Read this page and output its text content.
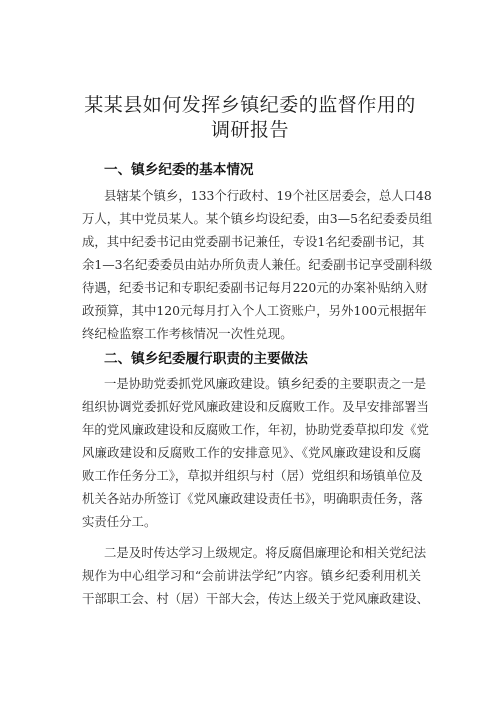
某某县如何发挥乡镇纪委的监督作用的
调研报告
一、镇乡纪委的基本情况
县辖某个镇乡，133个行政村、19个社区居委会，总人口48
万人，其中党员某人。某个镇乡均设纪委，由3—5名纪委委员组
成，其中纪委书记由党委副书记兼任，专设1名纪委副书记，其
余1—3名纪委委员由站办所负责人兼任。纪委副书记享受副科级
待遇，纪委书记和专职纪委副书记每月220元的办案补贴纳入财
政预算，其中120元每月打入个人工资账户，另外100元根据年
终纪检监察工作考核情况一次性兑现。
二、镇乡纪委履行职责的主要做法
一是协助党委抓党风廉政建设。镇乡纪委的主要职责之一是
组织协调党委抓好党风廉政建设和反腐败工作。及早安排部署当
年的党风廉政建设和反腐败工作，年初，协助党委草拟印发《党
风廉政建设和反腐败工作的安排意见》、《党风廉政建设和反腐
败工作任务分工》，草拟并组织与村（居）党组织和场镇单位及
机关各站办所签订《党风廉政建设责任书》，明确职责任务，落
实责任分工。
二是及时传达学习上级规定。将反腐倡廉理论和相关党纪法
规作为中心组学习和“会前讲法学纪”内容。镇乡纪委利用机关
干部职工会、村（居）干部大会，传达上级关于党风廉政建设、
